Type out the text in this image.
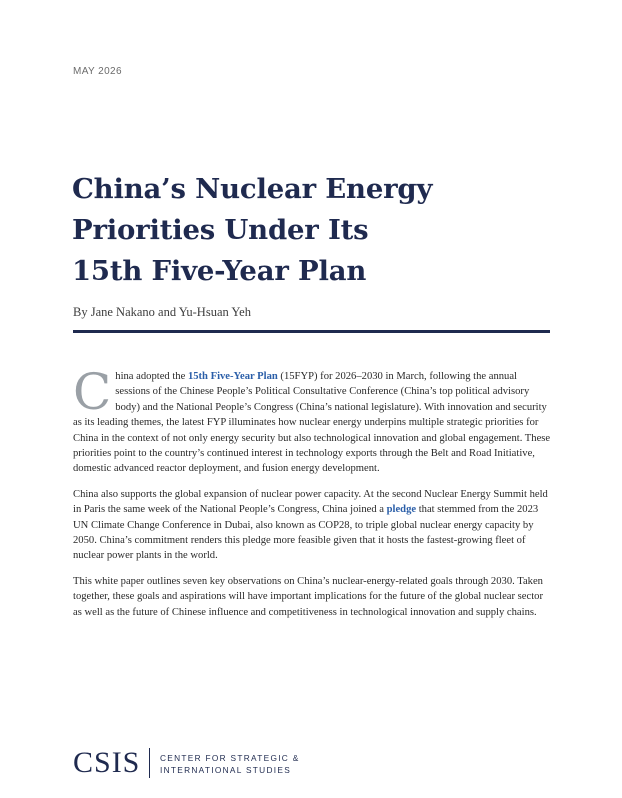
MAY 2026
China’s Nuclear Energy
Priorities Under Its
15th Five-Year Plan
By Jane Nakano and Yu-Hsuan Yeh

China adopted the 15th Five-Year Plan (15FYP) for 2026–2030 in March, following the annual sessions of the Chinese People’s Political Consultative Conference (China’s top political advisory body) and the National People’s Congress (China’s national legislature). With innovation and security as its leading themes, the latest FYP illuminates how nuclear energy underpins multiple strategic priorities for China in the context of not only energy security but also technological innovation and global engagement. These priorities point to the country’s continued interest in technology exports through the Belt and Road Initiative, domestic advanced reactor deployment, and fusion energy development.

China also supports the global expansion of nuclear power capacity. At the second Nuclear Energy Summit held in Paris the same week of the National People’s Congress, China joined a pledge that stemmed from the 2023 UN Climate Change Conference in Dubai, also known as COP28, to triple global nuclear energy capacity by 2050. China’s commitment renders this pledge more feasible given that it hosts the fastest-growing fleet of nuclear power plants in the world.

This white paper outlines seven key observations on China’s nuclear-energy-related goals through 2030. Taken together, these goals and aspirations will have important implications for the future of the global nuclear sector as well as the future of Chinese influence and competitiveness in technological innovation and supply chains.

CSIS CENTER FOR STRATEGIC &
INTERNATIONAL STUDIES
